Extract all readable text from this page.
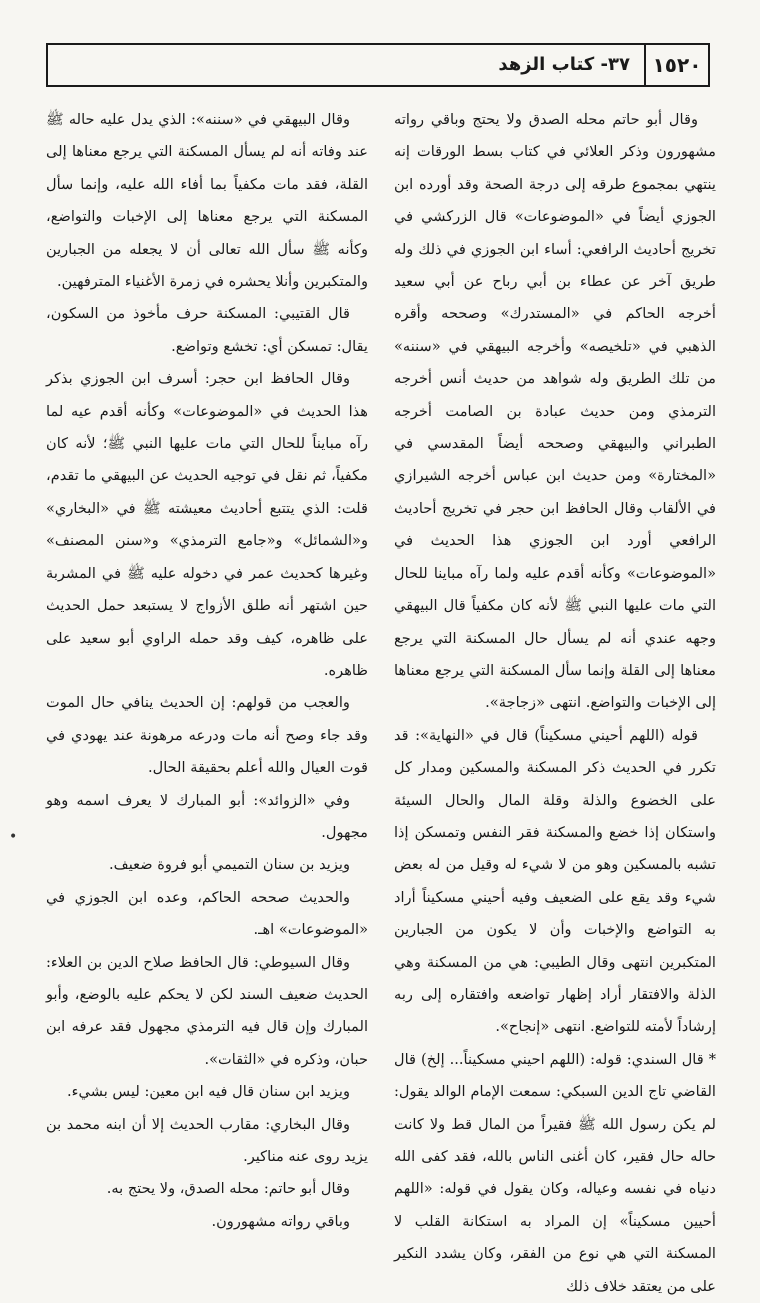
١٥٢٠
٣٧- كتاب الزهد

وقال أبو حاتم محله الصدق ولا يحتج وباقي رواته مشهورون وذكر العلائي في كتاب بسط الورقات إنه ينتهي بمجموع طرقه إلى درجة الصحة وقد أورده ابن الجوزي أيضاً في «الموضوعات» قال الزركشي في تخريج أحاديث الرافعي: أساء ابن الجوزي في ذلك وله طريق آخر عن عطاء بن أبي رباح عن أبي سعيد أخرجه الحاكم في «المستدرك» وصححه وأقره الذهبي في «تلخيصه» وأخرجه البيهقي في «سننه» من تلك الطريق وله شواهد من حديث أنس أخرجه الترمذي ومن حديث عبادة بن الصامت أخرجه الطبراني والبيهقي وصححه أيضاً المقدسي في «المختارة» ومن حديث ابن عباس أخرجه الشيرازي في الألقاب وقال الحافظ ابن حجر في تخريج أحاديث الرافعي أورد ابن الجوزي هذا الحديث في «الموضوعات» وكأنه أقدم عليه ولما رآه مباينا للحال التي مات عليها النبي ﷺ لأنه كان مكفياً قال البيهقي وجهه عندي أنه لم يسأل حال المسكنة التي يرجع معناها إلى القلة وإنما سأل المسكنة التي يرجع معناها إلى الإخبات والتواضع. انتهى «زجاجة».

قوله (اللهم أحيني مسكيناً) قال في «النهاية»: قد تكرر في الحديث ذكر المسكنة والمسكين ومدار كل على الخضوع والذلة وقلة المال والحال السيئة واستكان إذا خضع والمسكنة فقر النفس وتمسكن إذا تشبه بالمسكين وهو من لا شيء له وقيل من له بعض شيء وقد يقع على الضعيف وفيه أحيني مسكيناً أراد به التواضع والإخبات وأن لا يكون من الجبارين المتكبرين انتهى وقال الطيبي: هي من المسكنة وهي الذلة والافتقار أراد إظهار تواضعه وافتقاره إلى ربه إرشاداً لأمته للتواضع. انتهى «إنجاح».

* قال السندي: قوله: (اللهم احيني مسكيناً... إلخ) قال القاضي تاج الدين السبكي: سمعت الإمام الوالد يقول: لم يكن رسول الله ﷺ فقيراً من المال قط ولا كانت حاله حال فقير، كان أغنى الناس بالله، فقد كفى الله دنياه في نفسه وعياله، وكان يقول في قوله: «اللهم أحيين مسكيناً» إن المراد به استكانة القلب لا المسكنة التي هي نوع من الفقر، وكان يشدد النكير على من يعتقد خلاف ذلك

وقال البيهقي في «سننه»: الذي يدل عليه حاله ﷺ عند وفاته أنه لم يسأل المسكنة التي يرجع معناها إلى القلة، فقد مات مكفياً بما أفاء الله عليه، وإنما سأل المسكنة التي يرجع معناها إلى الإخبات والتواضع، وكأنه ﷺ سأل الله تعالى أن لا يجعله من الجبارين والمتكبرين وأنلا يحشره في زمرة الأغنياء المترفهين.

قال القتيبي: المسكنة حرف مأخوذ من السكون، يقال: تمسكن أي: تخشع وتواضع.

وقال الحافظ ابن حجر: أسرف ابن الجوزي بذكر هذا الحديث في «الموضوعات» وكأنه أقدم عيه لما رآه مبايناً للحال التي مات عليها النبي ﷺ؛ لأنه كان مكفياً، ثم نقل في توجيه الحديث عن البيهقي ما تقدم، قلت: الذي يتتبع أحاديث معيشته ﷺ في «البخاري» و«الشمائل» و«جامع الترمذي» و«سنن المصنف» وغيرها كحديث عمر في دخوله عليه ﷺ في المشربة حين اشتهر أنه طلق الأزواج لا يستبعد حمل الحديث على ظاهره، كيف وقد حمله الراوي أبو سعيد على ظاهره.

والعجب من قولهم: إن الحديث ينافي حال الموت وقد جاء وصح أنه مات ودرعه مرهونة عند يهودي في قوت العيال والله أعلم بحقيقة الحال.

وفي «الزوائد»: أبو المبارك لا يعرف اسمه وهو مجهول.

ويزيد بن سنان التميمي أبو فروة ضعيف.

والحديث صححه الحاكم، وعده ابن الجوزي في «الموضوعات» اهـ.

وقال السيوطي: قال الحافظ صلاح الدين بن العلاء: الحديث ضعيف السند لكن لا يحكم عليه بالوضع، وأبو المبارك وإن قال فيه الترمذي مجهول فقد عرفه ابن حبان، وذكره في «الثقات».

ويزيد ابن سنان قال فيه ابن معين: ليس بشيء.

وقال البخاري: مقارب الحديث إلا أن ابنه محمد بن يزيد روى عنه مناكير.

وقال أبو حاتم: محله الصدق، ولا يحتج به.

وباقي رواته مشهورون.

•
